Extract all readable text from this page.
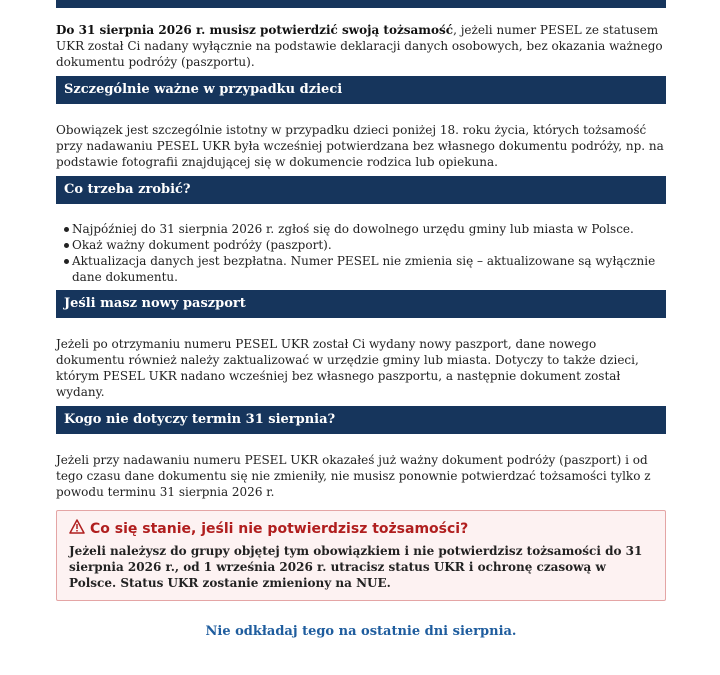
Do 31 sierpnia 2026 r. musisz potwierdzić swoją tożsamość, jeżeli numer PESEL ze statusem UKR został Ci nadany wyłącznie na podstawie deklaracji danych osobowych, bez okazania ważnego dokumentu podróży (paszportu).

Szczególnie ważne w przypadku dzieci

Obowiązek jest szczególnie istotny w przypadku dzieci poniżej 18. roku życia, których tożsamość przy nadawaniu PESEL UKR była wcześniej potwierdzana bez własnego dokumentu podróży, np. na podstawie fotografii znajdującej się w dokumencie rodzica lub opiekuna.

Co trzeba zrobić?
Najpóźniej do 31 sierpnia 2026 r. zgłoś się do dowolnego urzędu gminy lub miasta w Polsce.
Okaż ważny dokument podróży (paszport).
Aktualizacja danych jest bezpłatna. Numer PESEL nie zmienia się – aktualizowane są wyłącznie dane dokumentu.
Jeśli masz nowy paszport

Jeżeli po otrzymaniu numeru PESEL UKR został Ci wydany nowy paszport, dane nowego dokumentu również należy zaktualizować w urzędzie gminy lub miasta. Dotyczy to także dzieci, którym PESEL UKR nadano wcześniej bez własnego paszportu, a następnie dokument został wydany.

Kogo nie dotyczy termin 31 sierpnia?

Jeżeli przy nadawaniu numeru PESEL UKR okazałeś już ważny dokument podróży (paszport) i od tego czasu dane dokumentu się nie zmieniły, nie musisz ponownie potwierdzać tożsamości tylko z powodu terminu 31 sierpnia 2026 r.

Co się stanie, jeśli nie potwierdzisz tożsamości?

Jeżeli należysz do grupy objętej tym obowiązkiem i nie potwierdzisz tożsamości do 31 sierpnia 2026 r., od 1 września 2026 r. utracisz status UKR i ochronę czasową w Polsce. Status UKR zostanie zmieniony na NUE.

Nie odkładaj tego na ostatnie dni sierpnia.
